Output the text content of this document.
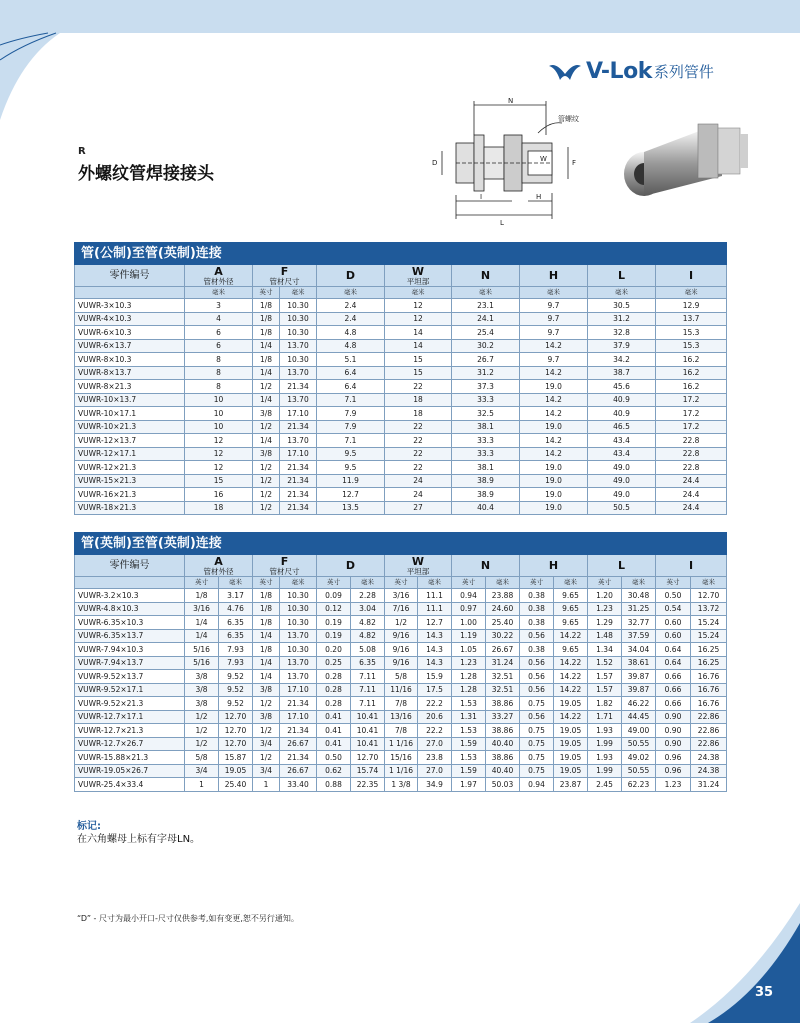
V-Lok 系列管件
R
外螺纹管焊接接头
N
D	F
W
I	H
L
管螺纹
管(公制)至管(英制)连接									
零件编号	A
管材外径	F
管材尺寸		D	W
平坦部	N	H	L	I

	毫米	英寸	毫米	毫米	毫米	毫米	毫米	毫米	毫米
VUWR-3×10.3	3	1/8	10.30	2.4	12	23.1	9.7	30.5	12.9
VUWR-4×10.3	4	1/8	10.30	2.4	12	24.1	9.7	31.2	13.7
VUWR-6×10.3	6	1/8	10.30	4.8	14	25.4	9.7	32.8	15.3
VUWR-6×13.7	6	1/4	13.70	4.8	14	30.2	14.2	37.9	15.3
VUWR-8×10.3	8	1/8	10.30	5.1	15	26.7	9.7	34.2	16.2
VUWR-8×13.7	8	1/4	13.70	6.4	15	31.2	14.2	38.7	16.2
VUWR-8×21.3	8	1/2	21.34	6.4	22	37.3	19.0	45.6	16.2
VUWR-10×13.7	10	1/4	13.70	7.1	18	33.3	14.2	40.9	17.2
VUWR-10×17.1	10	3/8	17.10	7.9	18	32.5	14.2	40.9	17.2
VUWR-10×21.3	10	1/2	21.34	7.9	22	38.1	19.0	46.5	17.2
VUWR-12×13.7	12	1/4	13.70	7.1	22	33.3	14.2	43.4	22.8
VUWR-12×17.1	12	3/8	17.10	9.5	22	33.3	14.2	43.4	22.8
VUWR-12×21.3	12	1/2	21.34	9.5	22	38.1	19.0	49.0	22.8
VUWR-15×21.3	15	1/2	21.34	11.9	24	38.9	19.0	49.0	24.4
VUWR-16×21.3	16	1/2	21.34	12.7	24	38.9	19.0	49.0	24.4
VUWR-18×21.3	18	1/2	21.34	13.5	27	40.4	19.0	50.5	24.4
管(英制)至管(英制)连接																
零件编号	A
管材外径		F
管材尺寸		D		W
平坦部		N		H		L		I	

	英寸	毫米	英寸	毫米	英寸	毫米	英寸	毫米	英寸	毫米	英寸	毫米	英寸	毫米	英寸	毫米
VUWR-3.2×10.3	1/8	3.17	1/8	10.30	0.09	2.28	3/16	11.1	0.94	23.88	0.38	9.65	1.20	30.48	0.50	12.70
VUWR-4.8×10.3	3/16	4.76	1/8	10.30	0.12	3.04	7/16	11.1	0.97	24.60	0.38	9.65	1.23	31.25	0.54	13.72
VUWR-6.35×10.3	1/4	6.35	1/8	10.30	0.19	4.82	1/2	12.7	1.00	25.40	0.38	9.65	1.29	32.77	0.60	15.24
VUWR-6.35×13.7	1/4	6.35	1/4	13.70	0.19	4.82	9/16	14.3	1.19	30.22	0.56	14.22	1.48	37.59	0.60	15.24
VUWR-7.94×10.3	5/16	7.93	1/8	10.30	0.20	5.08	9/16	14.3	1.05	26.67	0.38	9.65	1.34	34.04	0.64	16.25
VUWR-7.94×13.7	5/16	7.93	1/4	13.70	0.25	6.35	9/16	14.3	1.23	31.24	0.56	14.22	1.52	38.61	0.64	16.25
VUWR-9.52×13.7	3/8	9.52	1/4	13.70	0.28	7.11	5/8	15.9	1.28	32.51	0.56	14.22	1.57	39.87	0.66	16.76
VUWR-9.52×17.1	3/8	9.52	3/8	17.10	0.28	7.11	11/16	17.5	1.28	32.51	0.56	14.22	1.57	39.87	0.66	16.76
VUWR-9.52×21.3	3/8	9.52	1/2	21.34	0.28	7.11	7/8	22.2	1.53	38.86	0.75	19.05	1.82	46.22	0.66	16.76
VUWR-12.7×17.1	1/2	12.70	3/8	17.10	0.41	10.41	13/16	20.6	1.31	33.27	0.56	14.22	1.71	44.45	0.90	22.86
VUWR-12.7×21.3	1/2	12.70	1/2	21.34	0.41	10.41	7/8	22.2	1.53	38.86	0.75	19.05	1.93	49.00	0.90	22.86
VUWR-12.7×26.7	1/2	12.70	3/4	26.67	0.41	10.41	1 1/16	27.0	1.59	40.40	0.75	19.05	1.99	50.55	0.90	22.86
VUWR-15.88×21.3	5/8	15.87	1/2	21.34	0.50	12.70	15/16	23.8	1.53	38.86	0.75	19.05	1.93	49.02	0.96	24.38
VUWR-19.05×26.7	3/4	19.05	3/4	26.67	0.62	15.74	1 1/16	27.0	1.59	40.40	0.75	19.05	1.99	50.55	0.96	24.38
VUWR-25.4×33.4	1	25.40	1	33.40	0.88	22.35	1 3/8	34.9	1.97	50.03	0.94	23.87	2.45	62.23	1.23	31.24
标记:
在六角螺母上标有字母LN。
“D” - 尺寸为最小开口-尺寸仅供参考,如有变更,恕不另行通知。
35
